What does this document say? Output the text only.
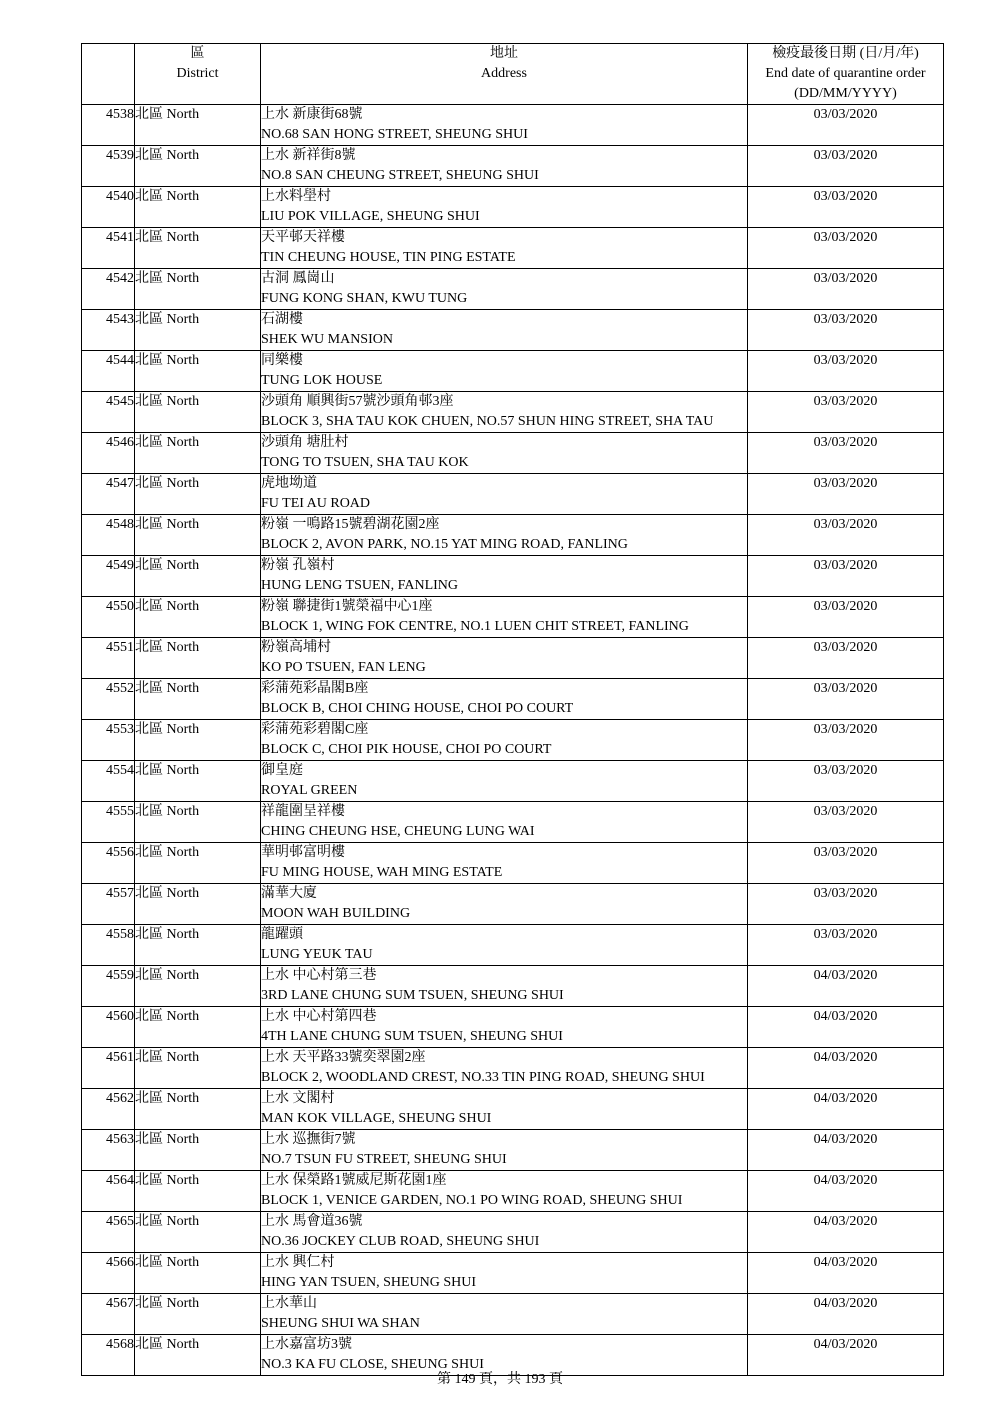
	區
District	地址
Address	檢疫最後日期 (日/月/年)
End date of quarantine order
(DD/MM/YYYY)

4538	北區 North	上水 新康街68號
NO.68 SAN HONG STREET, SHEUNG SHUI	03/03/2020
4539	北區 North	上水 新祥街8號
NO.8 SAN CHEUNG STREET, SHEUNG SHUI	03/03/2020
4540	北區 North	上水料壆村
LIU POK VILLAGE, SHEUNG SHUI	03/03/2020
4541	北區 North	天平邨天祥樓
TIN CHEUNG HOUSE, TIN PING ESTATE	03/03/2020
4542	北區 North	古洞 鳳崗山
FUNG KONG SHAN, KWU TUNG	03/03/2020
4543	北區 North	石湖樓
SHEK WU MANSION	03/03/2020
4544	北區 North	同樂樓
TUNG LOK HOUSE	03/03/2020
4545	北區 North	沙頭角 順興街57號沙頭角邨3座
BLOCK 3, SHA TAU KOK CHUEN, NO.57 SHUN HING STREET, SHA TAU	03/03/2020
4546	北區 North	沙頭角 塘肚村
TONG TO TSUEN, SHA TAU KOK	03/03/2020
4547	北區 North	虎地坳道
FU TEI AU ROAD	03/03/2020
4548	北區 North	粉嶺 一鳴路15號碧湖花園2座
BLOCK 2, AVON PARK, NO.15 YAT MING ROAD, FANLING	03/03/2020
4549	北區 North	粉嶺 孔嶺村
HUNG LENG TSUEN, FANLING	03/03/2020
4550	北區 North	粉嶺 聯捷街1號榮福中心1座
BLOCK 1, WING FOK CENTRE, NO.1 LUEN CHIT STREET, FANLING	03/03/2020
4551	北區 North	粉嶺高埔村
KO PO TSUEN, FAN LENG	03/03/2020
4552	北區 North	彩蒲苑彩晶閣B座
BLOCK B, CHOI CHING HOUSE, CHOI PO COURT	03/03/2020
4553	北區 North	彩蒲苑彩碧閣C座
BLOCK C, CHOI PIK HOUSE, CHOI PO COURT	03/03/2020
4554	北區 North	御皇庭
ROYAL GREEN	03/03/2020
4555	北區 North	祥龍圍呈祥樓
CHING CHEUNG HSE, CHEUNG LUNG WAI	03/03/2020
4556	北區 North	華明邨富明樓
FU MING HOUSE, WAH MING ESTATE	03/03/2020
4557	北區 North	滿華大廈
MOON WAH BUILDING	03/03/2020
4558	北區 North	龍躍頭
LUNG YEUK TAU	03/03/2020
4559	北區 North	上水 中心村第三巷
3RD LANE CHUNG SUM TSUEN, SHEUNG SHUI	04/03/2020
4560	北區 North	上水 中心村第四巷
4TH LANE CHUNG SUM TSUEN, SHEUNG SHUI	04/03/2020
4561	北區 North	上水 天平路33號奕翠園2座
BLOCK 2, WOODLAND CREST, NO.33 TIN PING ROAD, SHEUNG SHUI	04/03/2020
4562	北區 North	上水 文閣村
MAN KOK VILLAGE, SHEUNG SHUI	04/03/2020
4563	北區 North	上水 巡撫街7號
NO.7 TSUN FU STREET, SHEUNG SHUI	04/03/2020
4564	北區 North	上水 保榮路1號威尼斯花園1座
BLOCK 1, VENICE GARDEN, NO.1 PO WING ROAD, SHEUNG SHUI	04/03/2020
4565	北區 North	上水 馬會道36號
NO.36 JOCKEY CLUB ROAD, SHEUNG SHUI	04/03/2020
4566	北區 North	上水 興仁村
HING YAN TSUEN, SHEUNG SHUI	04/03/2020
4567	北區 North	上水華山
SHEUNG SHUI WA SHAN	04/03/2020
4568	北區 North	上水嘉富坊3號
NO.3 KA FU CLOSE, SHEUNG SHUI	04/03/2020
第 149 頁，共 193 頁
